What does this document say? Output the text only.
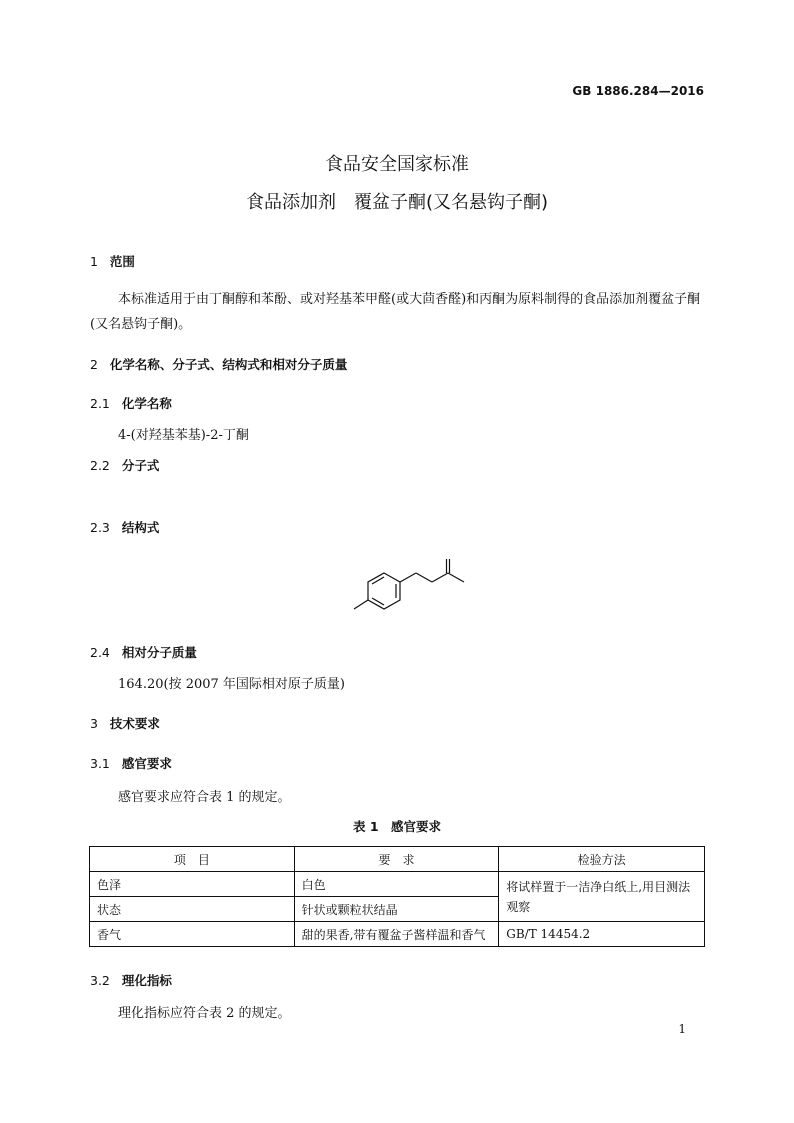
GB 1886.284—2016
食品安全国家标准
食品添加剂　覆盆子酮(又名悬钩子酮)
1 范围
本标准适用于由丁酮醇和苯酚、或对羟基苯甲醛(或大茴香醛)和丙酮为原料制得的食品添加剂覆盆子酮(又名悬钩子酮)。
2 化学名称、分子式、结构式和相对分子质量
2.1 化学名称
4-(对羟基苯基)-2-丁酮
2.2 分子式
2.3 结构式
2.4 相对分子质量
164.20(按 2007 年国际相对原子质量)
3 技术要求
3.1 感官要求
感官要求应符合表 1 的规定。
表 1　感官要求
项　目	要　求	检验方法
色泽	白色	将试样置于一洁净白纸上,用目测法观察
状态	针状或颗粒状结晶	
香气	甜的果香,带有覆盆子酱样温和香气	GB/T 14454.2
3.2 理化指标
理化指标应符合表 2 的规定。
1
